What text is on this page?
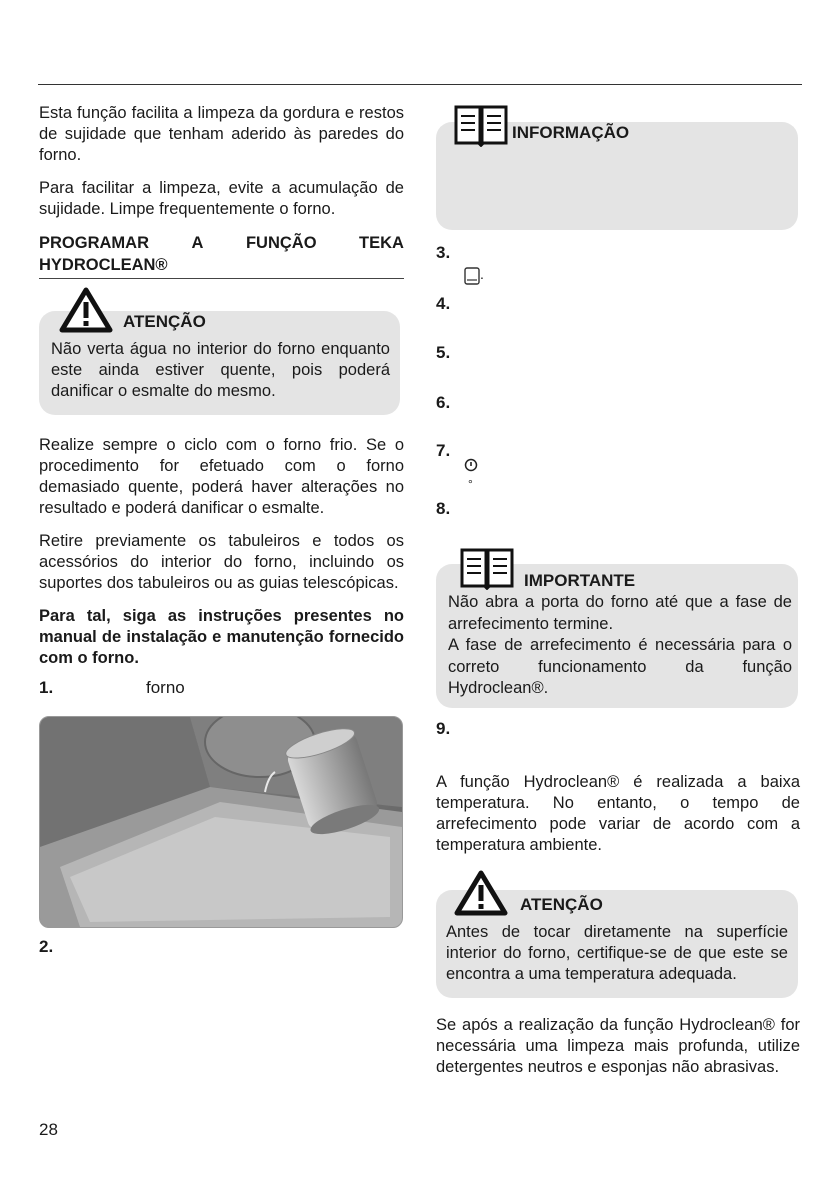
Esta função facilita a limpeza da gordura e restos de sujidade que tenham aderido às paredes do forno.

Para facilitar a limpeza, evite a acumulação de sujidade. Limpe frequentemente o forno.

PROGRAMAR	A	FUNÇÃO	TEKA
HYDROCLEAN®
ATENÇÃO
Não verta água no interior do forno enquanto este ainda estiver quente, pois poderá danificar o esmalte do mesmo.

Realize sempre o ciclo com o forno frio. Se o procedimento for efetuado com o forno demasiado quente, poderá haver alterações no resultado e poderá danificar o esmalte.

Retire previamente os tabuleiros e todos os acessórios do interior do forno, incluindo os suportes dos tabuleiros ou as guias telescópicas.

Para tal, siga as instruções presentes no manual de instalação e manutenção fornecido com o forno.

1.	forno
2.
INFORMAÇÃO
3.
.
4.
5.
6.
7.
°
8.
IMPORTANTE
Não abra a porta do forno até que a fase de arrefecimento termine.
A fase de arrefecimento é necessária para o correto funcionamento da função Hydroclean®.
9.

A função Hydroclean® é realizada a baixa temperatura. No entanto, o tempo de arrefecimento pode variar de acordo com a temperatura ambiente.

ATENÇÃO
Antes de tocar diretamente na superfície interior do forno, certifique-se de que este se encontra a uma temperatura adequada.

Se após a realização da função Hydroclean® for necessária uma limpeza mais profunda, utilize detergentes neutros e esponjas não abrasivas.

28
